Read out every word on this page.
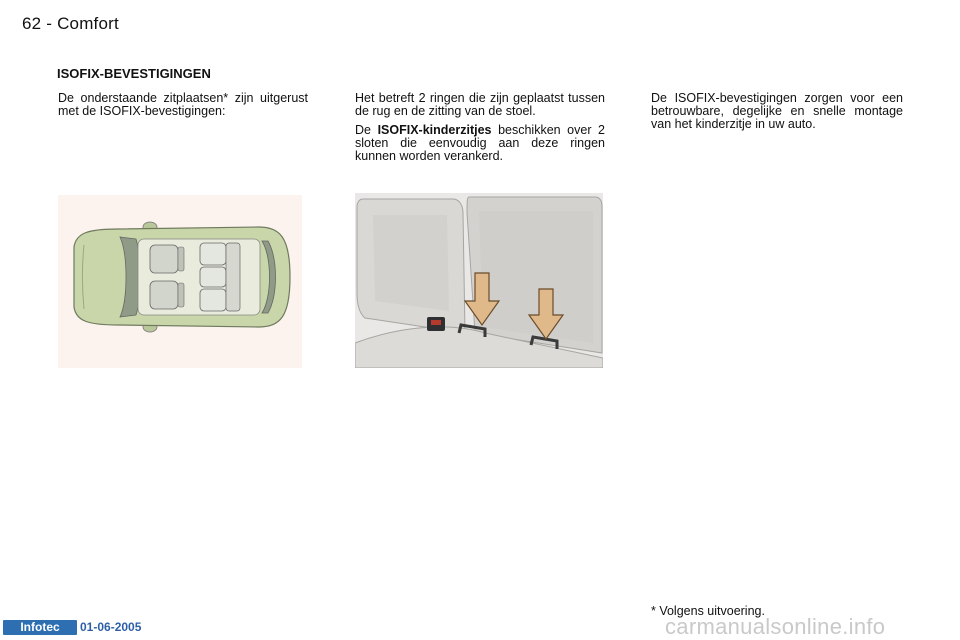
62 - Comfort
ISOFIX-BEVESTIGINGEN

De onderstaande zitplaatsen* zijn uitgerust met de ISOFIX-bevestigingen:

Het betreft 2 ringen die zijn geplaatst tussen de rug en de zitting van de stoel.

De ISOFIX-kinderzitjes beschikken over 2 sloten die eenvoudig aan deze ringen kunnen worden verankerd.

De ISOFIX-bevestigingen zorgen voor een betrouwbare, degelijke en snelle montage van het kinderzitje in uw auto.

* Volgens uitvoering.
Infotec	01-06-2005	carmanualsonline.info
